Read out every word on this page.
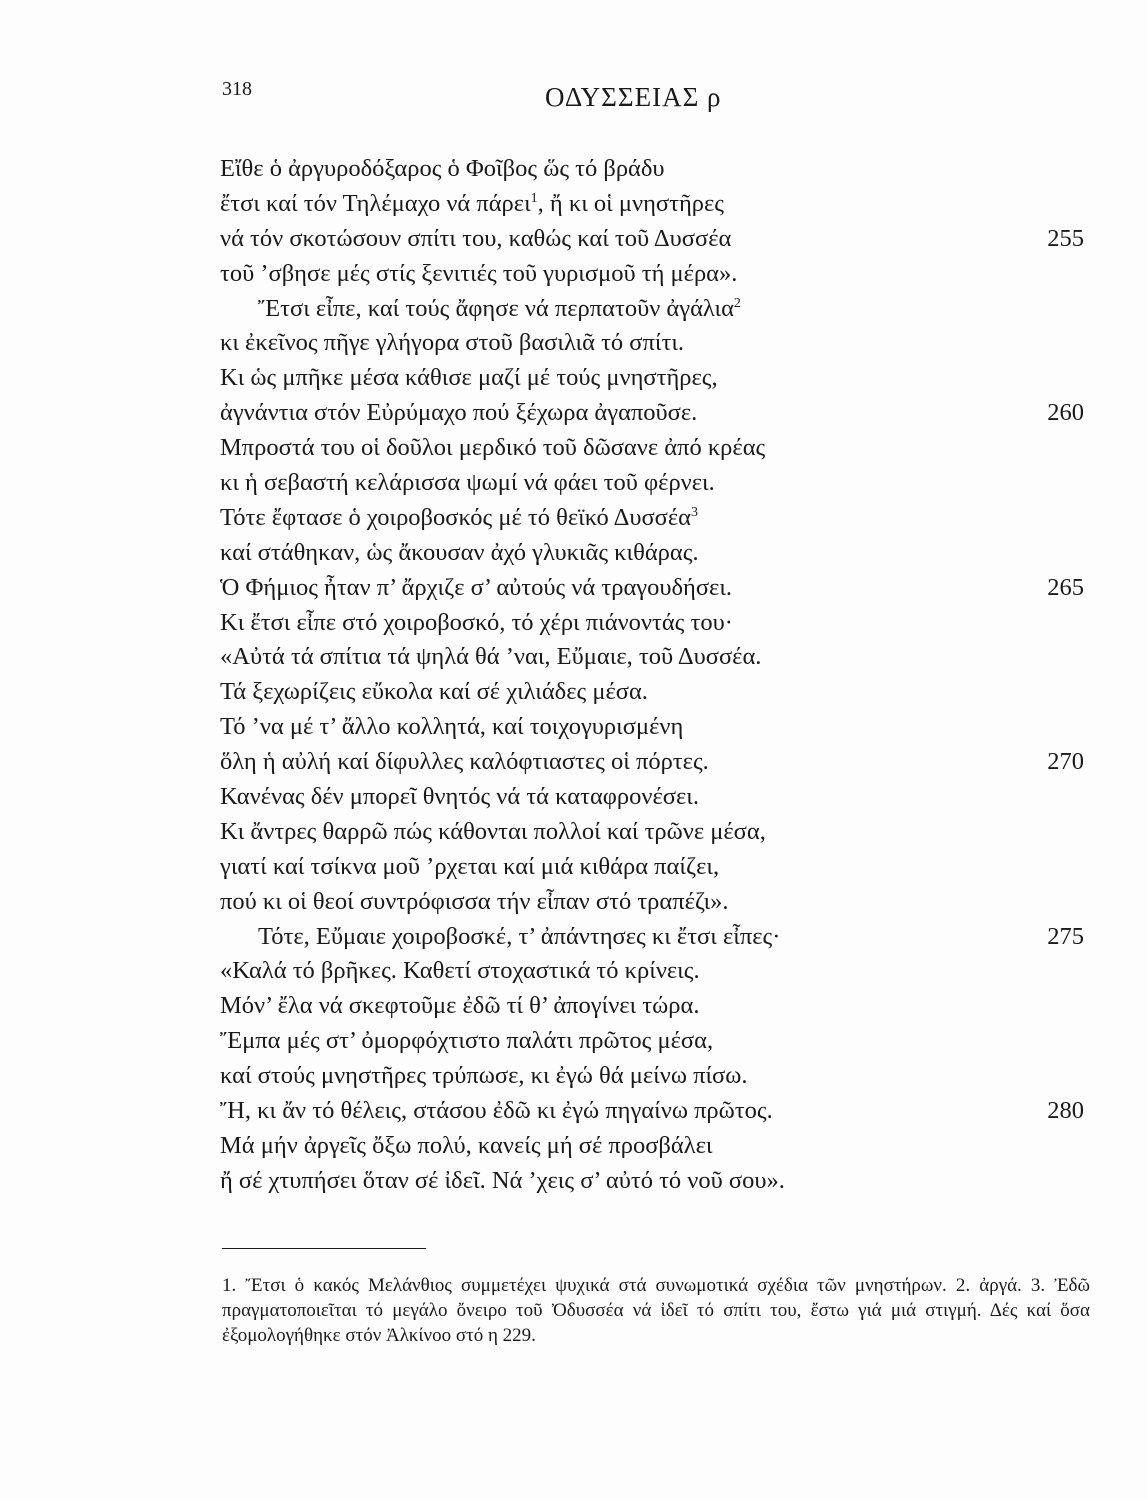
318	ΟΔΥΣΣΕΙΑΣ ρ
Εἴθε ὁ ἀργυροδόξαρος ὁ Φοῖβος ὥς τό βράδυ
ἔτσι καί τόν Τηλέμαχο νά πάρει$^1$, ἤ κι οἱ μνηστῆρες
νά τόν σκοτώσουν σπίτι του, καθώς καί τοῦ Δυσσέα	255
τοῦ ’σβησε μές στίς ξενιτιές τοῦ γυρισμοῦ τή μέρα».
Ἔτσι εἶπε, καί τούς ἄφησε νά περπατοῦν ἀγάλια$^2$
κι ἐκεῖνος πῆγε γλήγορα στοῦ βασιλιᾶ τό σπίτι.
Κι ὡς μπῆκε μέσα κάθισε μαζί μέ τούς μνηστῆρες,
ἀγνάντια στόν Εὐρύμαχο πού ξέχωρα ἀγαποῦσε.	260
Μπροστά του οἱ δοῦλοι μερδικό τοῦ δῶσανε ἀπό κρέας
κι ἡ σεβαστή κελάρισσα ψωμί νά φάει τοῦ φέρνει.
Τότε ἔφτασε ὁ χοιροβοσκός μέ τό θεϊκό Δυσσέα$^3$
καί στάθηκαν, ὡς ἄκουσαν ἀχό γλυκιᾶς κιθάρας.
Ὁ Φήμιος ἦταν π’ ἄρχιζε σ’ αὐτούς νά τραγουδήσει.	265
Κι ἔτσι εἶπε στό χοιροβοσκό, τό χέρι πιάνοντάς του·
«Αὐτά τά σπίτια τά ψηλά θά ’ναι, Εὔμαιε, τοῦ Δυσσέα.
Τά ξεχωρίζεις εὔκολα καί σέ χιλιάδες μέσα.
Τό ’να μέ τ’ ἄλλο κολλητά, καί τοιχογυρισμένη
ὅλη ἡ αὐλή καί δίφυλλες καλόφτιαστες οἱ πόρτες.	270
Κανένας δέν μπορεῖ θνητός νά τά καταφρονέσει.
Κι ἄντρες θαρρῶ πώς κάθονται πολλοί καί τρῶνε μέσα,
γιατί καί τσίκνα μοῦ ’ρχεται καί μιά κιθάρα παίζει,
πού κι οἱ θεοί συντρόφισσα τήν εἶπαν στό τραπέζι».
Τότε, Εὔμαιε χοιροβοσκέ, τ’ ἀπάντησες κι ἔτσι εἶπες·	275
«Καλά τό βρῆκες. Καθετί στοχαστικά τό κρίνεις.
Μόν’ ἔλα νά σκεφτοῦμε ἐδῶ τί θ’ ἀπογίνει τώρα.
Ἔμπα μές στ’ ὀμορφόχτιστο παλάτι πρῶτος μέσα,
καί στούς μνηστῆρες τρύπωσε, κι ἐγώ θά μείνω πίσω.
Ἤ, κι ἄν τό θέλεις, στάσου ἐδῶ κι ἐγώ πηγαίνω πρῶτος.	280
Μά μήν ἀργεῖς ὄξω πολύ, κανείς μή σέ προσβάλει
ἤ σέ χτυπήσει ὅταν σέ ἰδεῖ. Νά ’χεις σ’ αὐτό τό νοῦ σου».
1. Ἔτσι ὁ κακός Μελάνθιος συμμετέχει ψυχικά στά συνωμοτικά σχέδια τῶν μνηστήρων. 2. ἀργά. 3. Ἐδῶ πραγματοποιεῖται τό μεγάλο ὄνειρο τοῦ Ὀδυσσέα νά ἰδεῖ τό σπίτι του, ἔστω γιά μιά στιγμή. Δές καί ὅσα ἐξομολογήθηκε στόν Ἀλκίνοο στό η 229.
